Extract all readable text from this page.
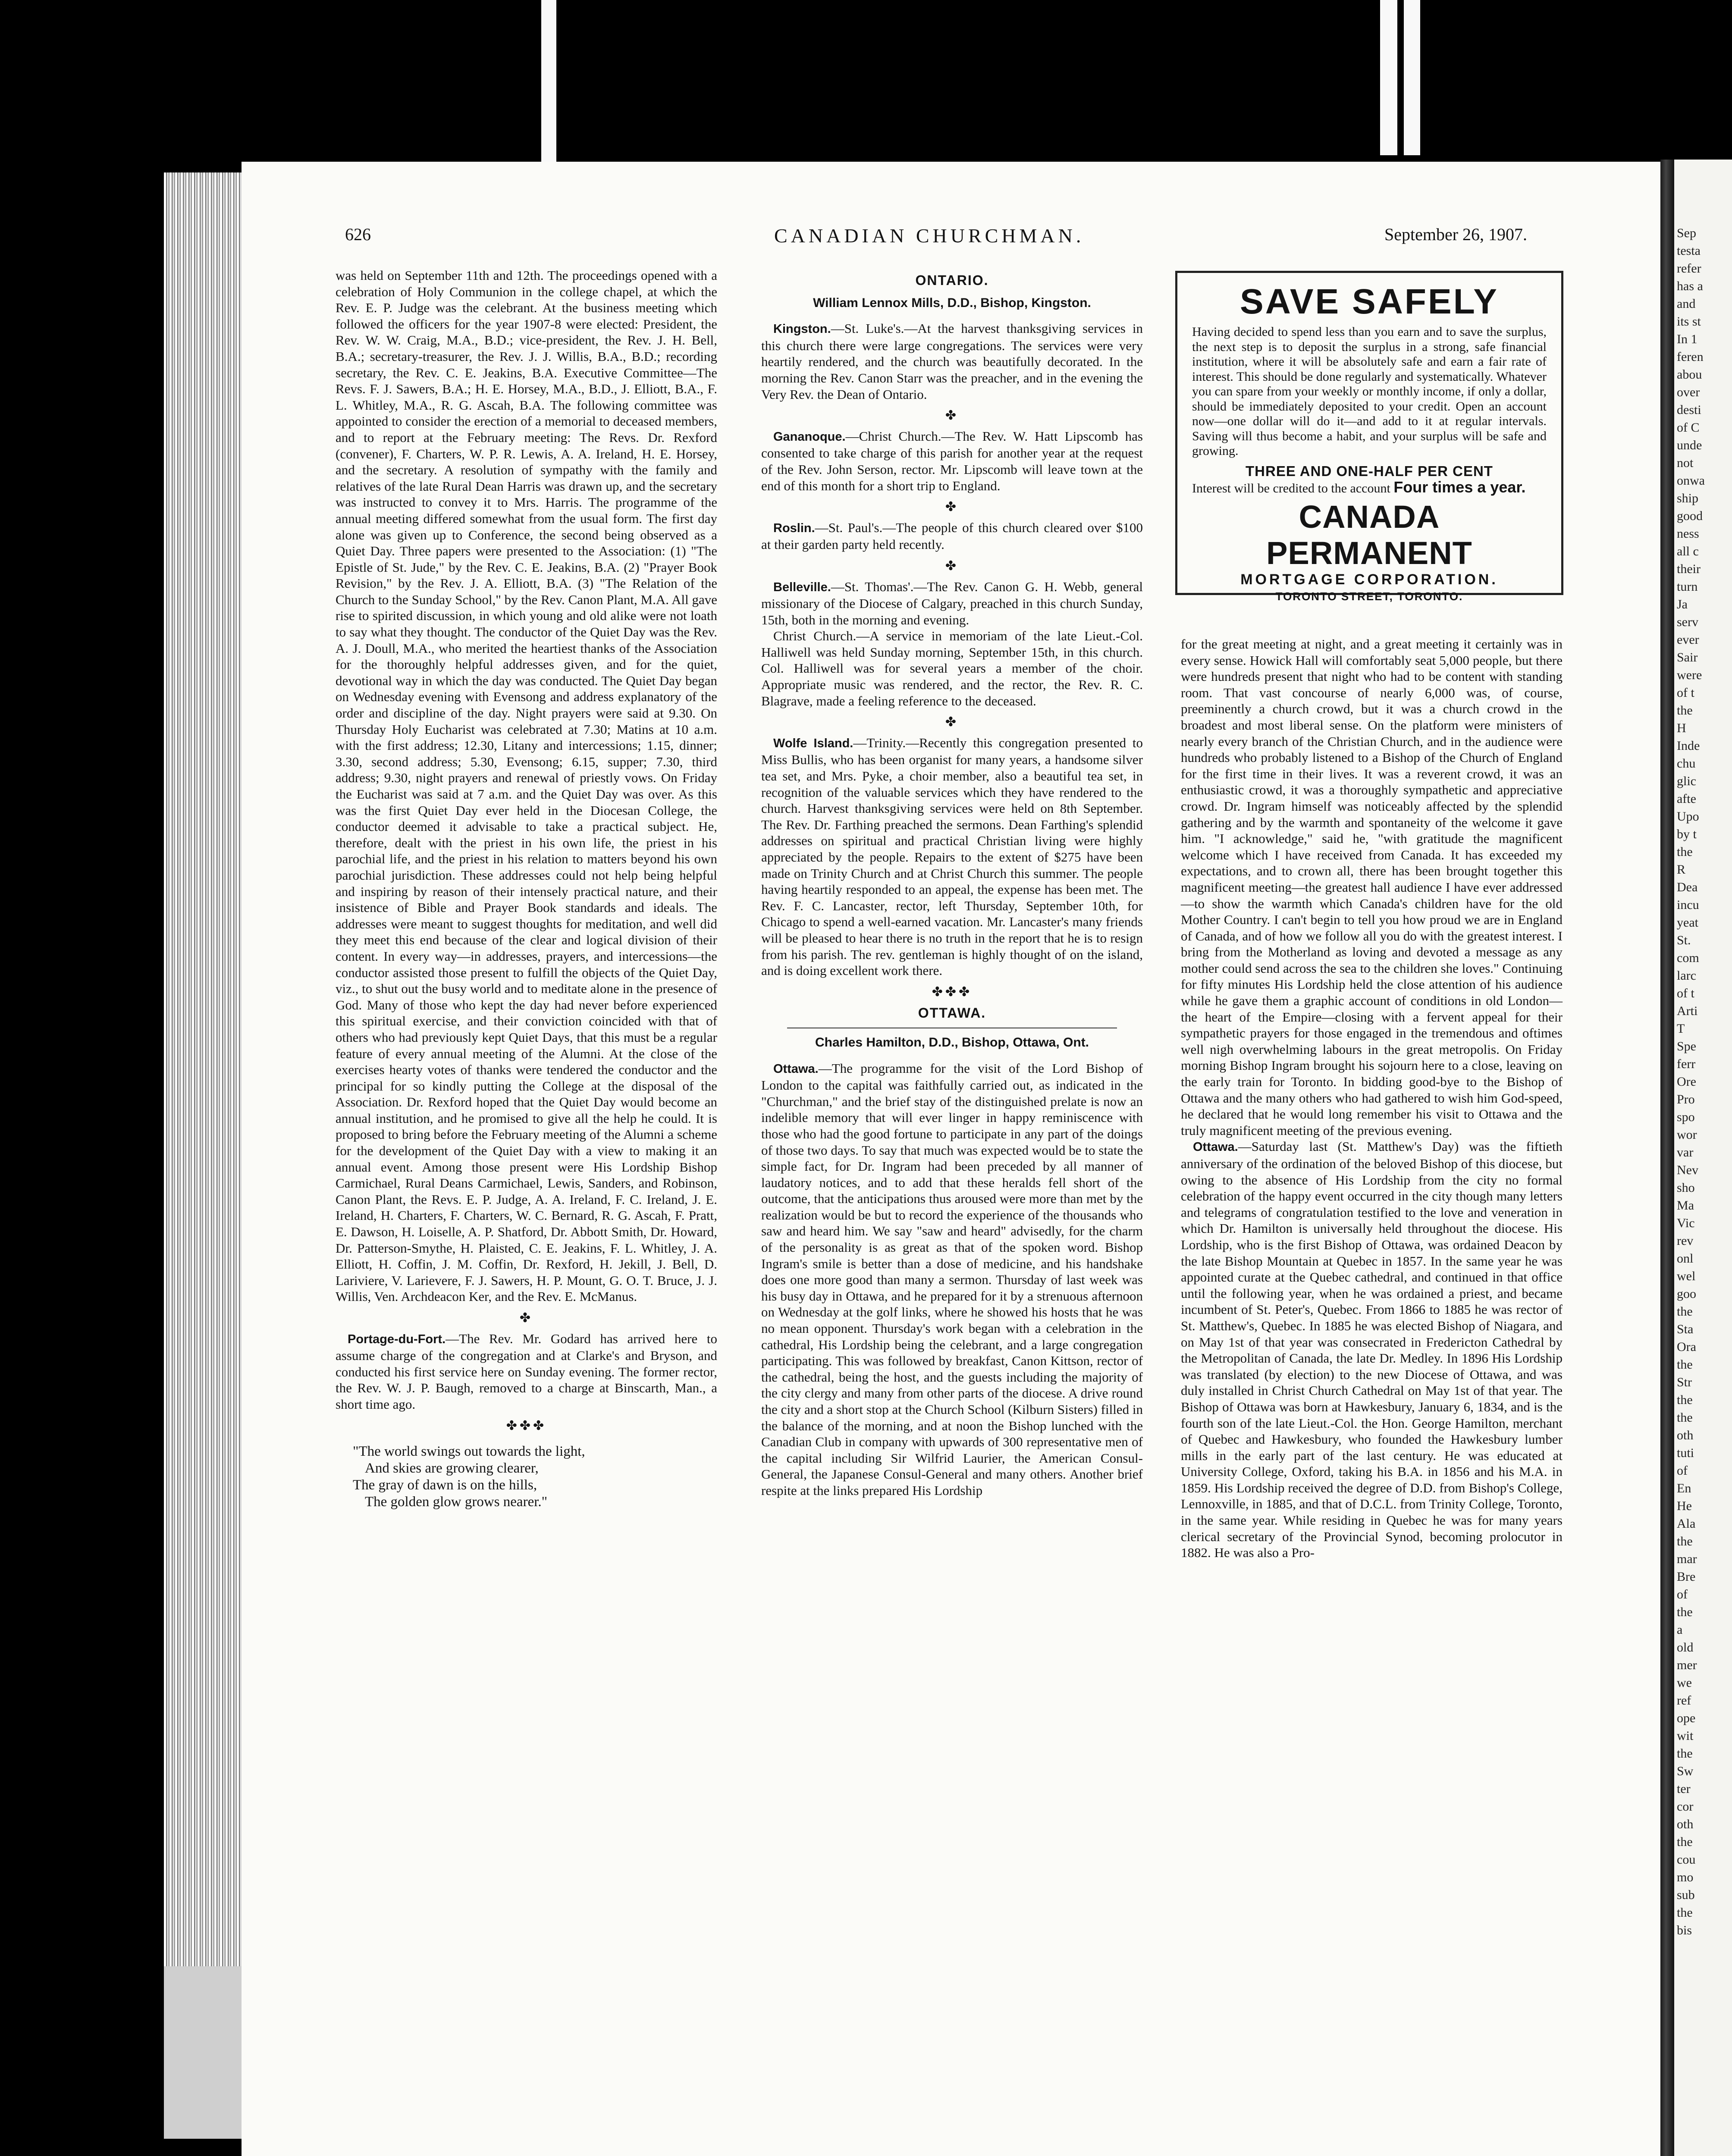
Sep
testa
refer
has a
and
its st
In 1
feren
abou
over
desti
of C
unde
not
onwa
ship
good
ness
all c
their
turn
Ja
serv
ever
Sair
were
of t
the
H
Inde
chu
glic
afte
Upo
by t
the
R
Dea
incu
yeat
St.
com
larc
of t
Arti
T
Spe
ferr
Ore
Pro
spo
wor
var
Nev
sho
Ma
Vic
rev
onl
wel
goo
the
Sta
Ora
the
Str
the
the
oth
tuti
of
En
He
Ala
the
mar
Bre
of
the
a
old
mer
we
ref
ope
wit
the
Sw
ter
cor
oth
the
cou
mo
sub
the
bis
626	CANADIAN CHURCHMAN.	September 26, 1907.

was held on September 11th and 12th. The proceedings opened with a celebration of Holy Communion in the college chapel, at which the Rev. E. P. Judge was the celebrant. At the business meeting which followed the officers for the year 1907-8 were elected: President, the Rev. W. W. Craig, M.A., B.D.; vice-president, the Rev. J. H. Bell, B.A.; secretary-treasurer, the Rev. J. J. Willis, B.A., B.D.; recording secretary, the Rev. C. E. Jeakins, B.A. Executive Committee—The Revs. F. J. Sawers, B.A.; H. E. Horsey, M.A., B.D., J. Elliott, B.A., F. L. Whitley, M.A., R. G. Ascah, B.A. The following committee was appointed to consider the erection of a memorial to deceased members, and to report at the February meeting: The Revs. Dr. Rexford (convener), F. Charters, W. P. R. Lewis, A. A. Ireland, H. E. Horsey, and the secretary. A resolution of sympathy with the family and relatives of the late Rural Dean Harris was drawn up, and the secretary was instructed to convey it to Mrs. Harris. The programme of the annual meeting differed somewhat from the usual form. The first day alone was given up to Conference, the second being observed as a Quiet Day. Three papers were presented to the Association: (1) "The Epistle of St. Jude," by the Rev. C. E. Jeakins, B.A. (2) "Prayer Book Revision," by the Rev. J. A. Elliott, B.A. (3) "The Relation of the Church to the Sunday School," by the Rev. Canon Plant, M.A. All gave rise to spirited discussion, in which young and old alike were not loath to say what they thought. The conductor of the Quiet Day was the Rev. A. J. Doull, M.A., who merited the heartiest thanks of the Association for the thoroughly helpful addresses given, and for the quiet, devotional way in which the day was conducted. The Quiet Day began on Wednesday evening with Evensong and address explanatory of the order and discipline of the day. Night prayers were said at 9.30. On Thursday Holy Eucharist was celebrated at 7.30; Matins at 10 a.m. with the first address; 12.30, Litany and intercessions; 1.15, dinner; 3.30, second address; 5.30, Evensong; 6.15, supper; 7.30, third address; 9.30, night prayers and renewal of priestly vows. On Friday the Eucharist was said at 7 a.m. and the Quiet Day was over. As this was the first Quiet Day ever held in the Diocesan College, the conductor deemed it advisable to take a practical subject. He, therefore, dealt with the priest in his own life, the priest in his parochial life, and the priest in his relation to matters beyond his own parochial jurisdiction. These addresses could not help being helpful and inspiring by reason of their intensely practical nature, and their insistence of Bible and Prayer Book standards and ideals. The addresses were meant to suggest thoughts for meditation, and well did they meet this end because of the clear and logical division of their content. In every way—in addresses, prayers, and intercessions—the conductor assisted those present to fulfill the objects of the Quiet Day, viz., to shut out the busy world and to meditate alone in the presence of God. Many of those who kept the day had never before experienced this spiritual exercise, and their conviction coincided with that of others who had previously kept Quiet Days, that this must be a regular feature of every annual meeting of the Alumni. At the close of the exercises hearty votes of thanks were tendered the conductor and the principal for so kindly putting the College at the disposal of the Association. Dr. Rexford hoped that the Quiet Day would become an annual institution, and he promised to give all the help he could. It is proposed to bring before the February meeting of the Alumni a scheme for the development of the Quiet Day with a view to making it an annual event. Among those present were His Lordship Bishop Carmichael, Rural Deans Carmichael, Lewis, Sanders, and Robinson, Canon Plant, the Revs. E. P. Judge, A. A. Ireland, F. C. Ireland, J. E. Ireland, H. Charters, F. Charters, W. C. Bernard, R. G. Ascah, F. Pratt, E. Dawson, H. Loiselle, A. P. Shatford, Dr. Abbott Smith, Dr. Howard, Dr. Patterson-Smythe, H. Plaisted, C. E. Jeakins, F. L. Whitley, J. A. Elliott, H. Coffin, J. M. Coffin, Dr. Rexford, H. Jekill, J. Bell, D. Lariviere, V. Larievere, F. J. Sawers, H. P. Mount, G. O. T. Bruce, J. J. Willis, Ven. Archdeacon Ker, and the Rev. E. McManus.

✤

Portage-du-Fort.—The Rev. Mr. Godard has arrived here to assume charge of the congregation and at Clarke's and Bryson, and conducted his first service here on Sunday evening. The former rector, the Rev. W. J. P. Baugh, removed to a charge at Binscarth, Man., a short time ago.

✤✤✤
"The world swings out towards the light,
And skies are growing clearer,
The gray of dawn is on the hills,
The golden glow grows nearer."
ONTARIO.
William Lennox Mills, D.D., Bishop, Kingston.

Kingston.—St. Luke's.—At the harvest thanksgiving services in this church there were large congregations. The services were very heartily rendered, and the church was beautifully decorated. In the morning the Rev. Canon Starr was the preacher, and in the evening the Very Rev. the Dean of Ontario.

✤

Gananoque.—Christ Church.—The Rev. W. Hatt Lipscomb has consented to take charge of this parish for another year at the request of the Rev. John Serson, rector. Mr. Lipscomb will leave town at the end of this month for a short trip to England.

✤

Roslin.—St. Paul's.—The people of this church cleared over $100 at their garden party held recently.

✤

Belleville.—St. Thomas'.—The Rev. Canon G. H. Webb, general missionary of the Diocese of Calgary, preached in this church Sunday, 15th, both in the morning and evening.

Christ Church.—A service in memoriam of the late Lieut.-Col. Halliwell was held Sunday morning, September 15th, in this church. Col. Halliwell was for several years a member of the choir. Appropriate music was rendered, and the rector, the Rev. R. C. Blagrave, made a feeling reference to the deceased.

✤

Wolfe Island.—Trinity.—Recently this congregation presented to Miss Bullis, who has been organist for many years, a handsome silver tea set, and Mrs. Pyke, a choir member, also a beautiful tea set, in recognition of the valuable services which they have rendered to the church. Harvest thanksgiving services were held on 8th September. The Rev. Dr. Farthing preached the sermons. Dean Farthing's splendid addresses on spiritual and practical Christian living were highly appreciated by the people. Repairs to the extent of $275 have been made on Trinity Church and at Christ Church this summer. The people having heartily responded to an appeal, the expense has been met. The Rev. F. C. Lancaster, rector, left Thursday, September 10th, for Chicago to spend a well-earned vacation. Mr. Lancaster's many friends will be pleased to hear there is no truth in the report that he is to resign from his parish. The rev. gentleman is highly thought of on the island, and is doing excellent work there.

✤✤✤
OTTAWA.
Charles Hamilton, D.D., Bishop, Ottawa, Ont.

Ottawa.—The programme for the visit of the Lord Bishop of London to the capital was faithfully carried out, as indicated in the "Churchman," and the brief stay of the distinguished prelate is now an indelible memory that will ever linger in happy reminiscence with those who had the good fortune to participate in any part of the doings of those two days. To say that much was expected would be to state the simple fact, for Dr. Ingram had been preceded by all manner of laudatory notices, and to add that these heralds fell short of the outcome, that the anticipations thus aroused were more than met by the realization would be but to record the experience of the thousands who saw and heard him. We say "saw and heard" advisedly, for the charm of the personality is as great as that of the spoken word. Bishop Ingram's smile is better than a dose of medicine, and his handshake does one more good than many a sermon. Thursday of last week was his busy day in Ottawa, and he prepared for it by a strenuous afternoon on Wednesday at the golf links, where he showed his hosts that he was no mean opponent. Thursday's work began with a celebration in the cathedral, His Lordship being the celebrant, and a large congregation participating. This was followed by breakfast, Canon Kittson, rector of the cathedral, being the host, and the guests including the majority of the city clergy and many from other parts of the diocese. A drive round the city and a short stop at the Church School (Kilburn Sisters) filled in the balance of the morning, and at noon the Bishop lunched with the Canadian Club in company with upwards of 300 representative men of the capital including Sir Wilfrid Laurier, the American Consul-General, the Japanese Consul-General and many others. Another brief respite at the links prepared His Lordship

SAVE SAFELY
Having decided to spend less than you earn and to save the surplus, the next step is to deposit the surplus in a strong, safe financial institution, where it will be absolutely safe and earn a fair rate of interest. This should be done regularly and systematically. Whatever you can spare from your weekly or monthly income, if only a dollar, should be immediately deposited to your credit. Open an account now—one dollar will do it—and add to it at regular intervals. Saving will thus become a habit, and your surplus will be safe and growing.
THREE AND ONE-HALF PER CENT
Interest will be credited to the account Four times a year.
CANADA PERMANENT
MORTGAGE CORPORATION.
TORONTO STREET, TORONTO.

for the great meeting at night, and a great meeting it certainly was in every sense. Howick Hall will comfortably seat 5,000 people, but there were hundreds present that night who had to be content with standing room. That vast concourse of nearly 6,000 was, of course, preeminently a church crowd, but it was a church crowd in the broadest and most liberal sense. On the platform were ministers of nearly every branch of the Christian Church, and in the audience were hundreds who probably listened to a Bishop of the Church of England for the first time in their lives. It was a reverent crowd, it was an enthusiastic crowd, it was a thoroughly sympathetic and appreciative crowd. Dr. Ingram himself was noticeably affected by the splendid gathering and by the warmth and spontaneity of the welcome it gave him. "I acknowledge," said he, "with gratitude the magnificent welcome which I have received from Canada. It has exceeded my expectations, and to crown all, there has been brought together this magnificent meeting—the greatest hall audience I have ever addressed—to show the warmth which Canada's children have for the old Mother Country. I can't begin to tell you how proud we are in England of Canada, and of how we follow all you do with the greatest interest. I bring from the Motherland as loving and devoted a message as any mother could send across the sea to the children she loves." Continuing for fifty minutes His Lordship held the close attention of his audience while he gave them a graphic account of conditions in old London—the heart of the Empire—closing with a fervent appeal for their sympathetic prayers for those engaged in the tremendous and oftimes well nigh overwhelming labours in the great metropolis. On Friday morning Bishop Ingram brought his sojourn here to a close, leaving on the early train for Toronto. In bidding good-bye to the Bishop of Ottawa and the many others who had gathered to wish him God-speed, he declared that he would long remember his visit to Ottawa and the truly magnificent meeting of the previous evening.

Ottawa.—Saturday last (St. Matthew's Day) was the fiftieth anniversary of the ordination of the beloved Bishop of this diocese, but owing to the absence of His Lordship from the city no formal celebration of the happy event occurred in the city though many letters and telegrams of congratulation testified to the love and veneration in which Dr. Hamilton is universally held throughout the diocese. His Lordship, who is the first Bishop of Ottawa, was ordained Deacon by the late Bishop Mountain at Quebec in 1857. In the same year he was appointed curate at the Quebec cathedral, and continued in that office until the following year, when he was ordained a priest, and became incumbent of St. Peter's, Quebec. From 1866 to 1885 he was rector of St. Matthew's, Quebec. In 1885 he was elected Bishop of Niagara, and on May 1st of that year was consecrated in Fredericton Cathedral by the Metropolitan of Canada, the late Dr. Medley. In 1896 His Lordship was translated (by election) to the new Diocese of Ottawa, and was duly installed in Christ Church Cathedral on May 1st of that year. The Bishop of Ottawa was born at Hawkesbury, January 6, 1834, and is the fourth son of the late Lieut.-Col. the Hon. George Hamilton, merchant of Quebec and Hawkesbury, who founded the Hawkesbury lumber mills in the early part of the last century. He was educated at University College, Oxford, taking his B.A. in 1856 and his M.A. in 1859. His Lordship received the degree of D.D. from Bishop's College, Lennoxville, in 1885, and that of D.C.L. from Trinity College, Toronto, in the same year. While residing in Quebec he was for many years clerical secretary of the Provincial Synod, becoming prolocutor in 1882. He was also a Pro-
